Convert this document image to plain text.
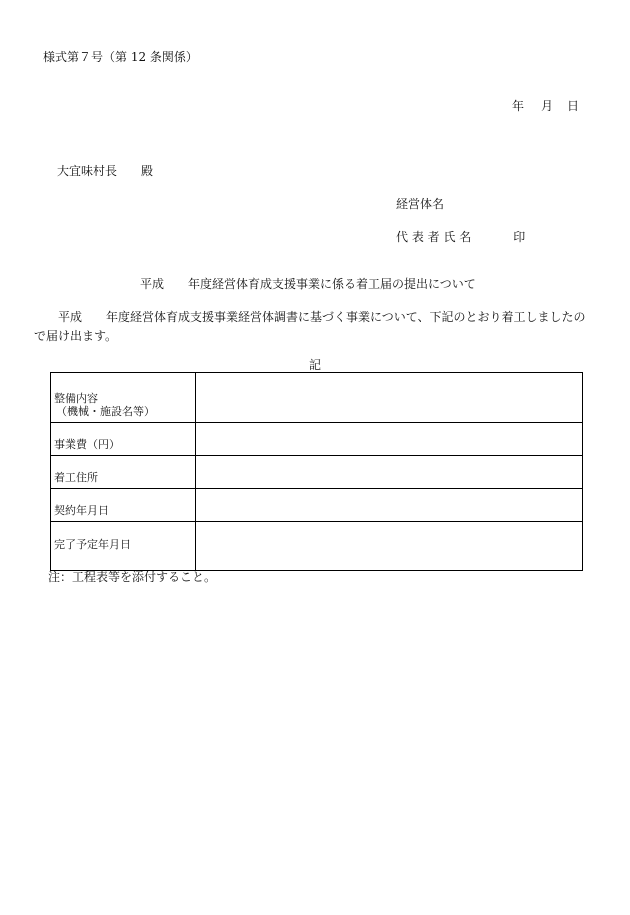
様式第７号（第 12 条関係）
年 月 日
大宜味村長　　殿
経営体名
代 表 者 氏 名	印
平成　　年度経営体育成支援事業に係る着工届の提出について
平成　　年度経営体育成支援事業経営体調書に基づく事業について、下記のとおり着工しましたので届け出ます。
記
整備内容
（機械・施設名等）	

事業費（円）	
着工住所	
契約年月日	
完了予定年月日	
注：工程表等を添付すること。
